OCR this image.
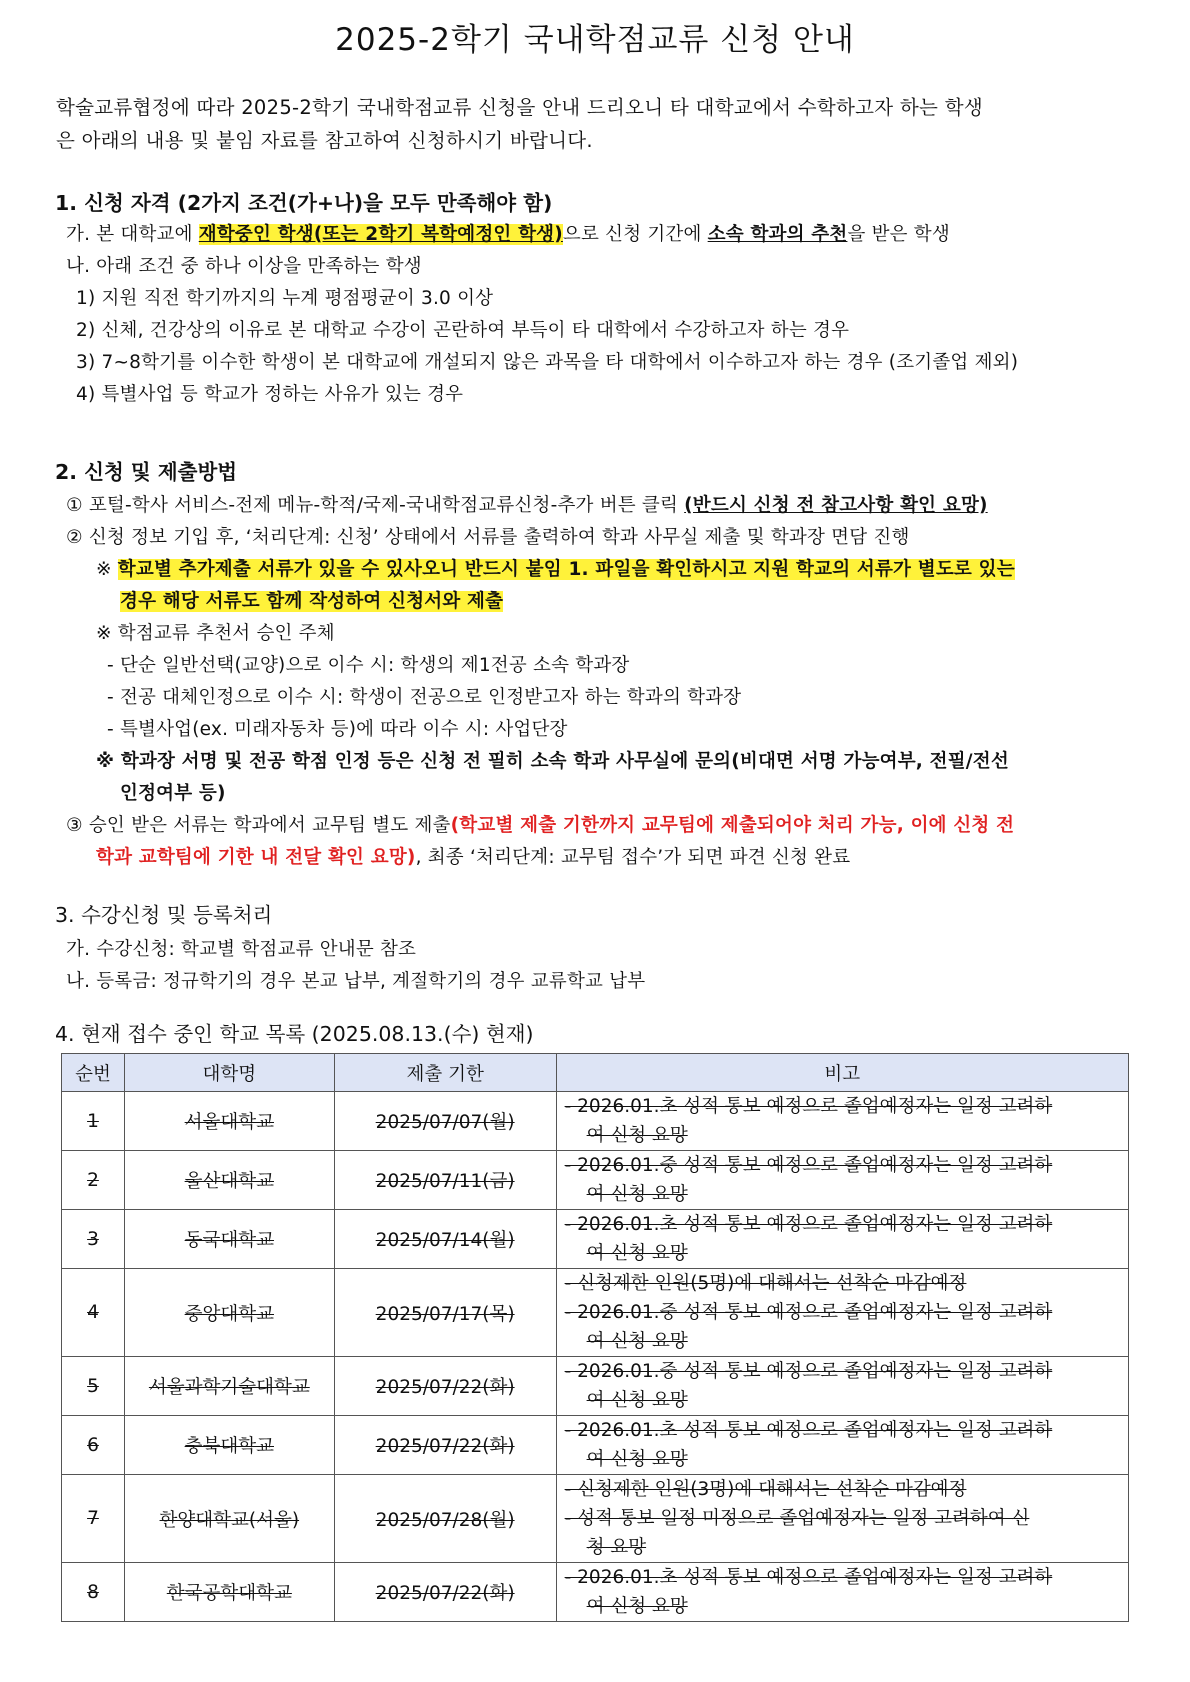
2025-2학기 국내학점교류 신청 안내
학술교류협정에 따라 2025-2학기 국내학점교류 신청을 안내 드리오니 타 대학교에서 수학하고자 하는 학생
은 아래의 내용 및 붙임 자료를 참고하여 신청하시기 바랍니다.
1. 신청 자격 (2가지 조건(가+나)을 모두 만족해야 함)
가. 본 대학교에 재학중인 학생(또는 2학기 복학예정인 학생)으로 신청 기간에 소속 학과의 추천을 받은 학생
나. 아래 조건 중 하나 이상을 만족하는 학생
1) 지원 직전 학기까지의 누계 평점평균이 3.0 이상
2) 신체, 건강상의 이유로 본 대학교 수강이 곤란하여 부득이 타 대학에서 수강하고자 하는 경우
3) 7~8학기를 이수한 학생이 본 대학교에 개설되지 않은 과목을 타 대학에서 이수하고자 하는 경우 (조기졸업 제외)
4) 특별사업 등 학교가 정하는 사유가 있는 경우
2. 신청 및 제출방법
① 포털-학사 서비스-전제 메뉴-학적/국제-국내학점교류신청-추가 버튼 클릭 (반드시 신청 전 참고사항 확인 요망)
② 신청 정보 기입 후, ‘처리단계: 신청’ 상태에서 서류를 출력하여 학과 사무실 제출 및 학과장 면담 진행
※ 학교별 추가제출 서류가 있을 수 있사오니 반드시 붙임 1. 파일을 확인하시고 지원 학교의 서류가 별도로 있는
경우 해당 서류도 함께 작성하여 신청서와 제출
※ 학점교류 추천서 승인 주체
- 단순 일반선택(교양)으로 이수 시: 학생의 제1전공 소속 학과장
- 전공 대체인정으로 이수 시: 학생이 전공으로 인정받고자 하는 학과의 학과장
- 특별사업(ex. 미래자동차 등)에 따라 이수 시: 사업단장
※ 학과장 서명 및 전공 학점 인정 등은 신청 전 필히 소속 학과 사무실에 문의(비대면 서명 가능여부, 전필/전선
인정여부 등)
③ 승인 받은 서류는 학과에서 교무팀 별도 제출(학교별 제출 기한까지 교무팀에 제출되어야 처리 가능, 이에 신청 전
학과 교학팀에 기한 내 전달 확인 요망), 최종 ‘처리단계: 교무팀 접수’가 되면 파견 신청 완료
3. 수강신청 및 등록처리
가. 수강신청: 학교별 학점교류 안내문 참조
나. 등록금: 정규학기의 경우 본교 납부, 계절학기의 경우 교류학교 납부
4. 현재 접수 중인 학교 목록 (2025.08.13.(수) 현재)
순번	대학명	제출 기한	비고
1	서울대학교	2025/07/07(월)	- 2026.01.초 성적 통보 예정으로 졸업예정자는 일정 고려하
여 신청 요망

2	울산대학교	2025/07/11(금)	- 2026.01.중 성적 통보 예정으로 졸업예정자는 일정 고려하
여 신청 요망

3	동국대학교	2025/07/14(월)	- 2026.01.초 성적 통보 예정으로 졸업예정자는 일정 고려하
여 신청 요망

4	중앙대학교	2025/07/17(목)	- 신청제한 인원(5명)에 대해서는 선착순 마감예정
- 2026.01.중 성적 통보 예정으로 졸업예정자는 일정 고려하
여 신청 요망

5	서울과학기술대학교	2025/07/22(화)	- 2026.01.중 성적 통보 예정으로 졸업예정자는 일정 고려하
여 신청 요망

6	충북대학교	2025/07/22(화)	- 2026.01.초 성적 통보 예정으로 졸업예정자는 일정 고려하
여 신청 요망

7	한양대학교(서울)	2025/07/28(월)	- 신청제한 인원(3명)에 대해서는 선착순 마감예정
- 성적 통보 일정 미정으로 졸업예정자는 일정 고려하여 신
청 요망

8	한국공학대학교	2025/07/22(화)	- 2026.01.초 성적 통보 예정으로 졸업예정자는 일정 고려하
여 신청 요망
